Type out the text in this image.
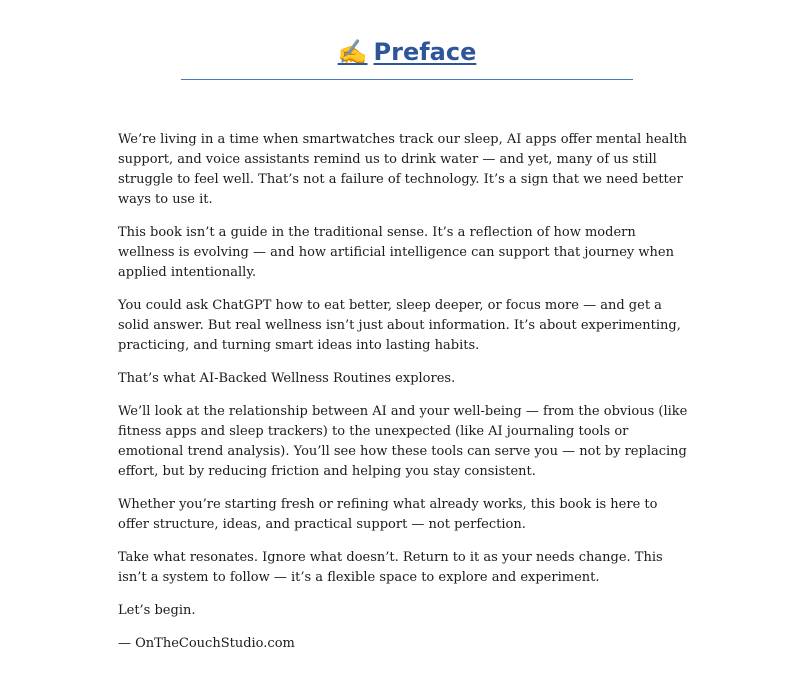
✍️ Preface

We’re living in a time when smartwatches track our sleep, AI apps offer mental health support, and voice assistants remind us to drink water — and yet, many of us still struggle to feel well. That’s not a failure of technology. It’s a sign that we need better ways to use it.

This book isn’t a guide in the traditional sense. It’s a reflection of how modern wellness is evolving — and how artificial intelligence can support that journey when applied intentionally.

You could ask ChatGPT how to eat better, sleep deeper, or focus more — and get a solid answer. But real wellness isn’t just about information. It’s about experimenting, practicing, and turning smart ideas into lasting habits.

That’s what AI-Backed Wellness Routines explores.

We’ll look at the relationship between AI and your well-being — from the obvious (like fitness apps and sleep trackers) to the unexpected (like AI journaling tools or emotional trend analysis). You’ll see how these tools can serve you — not by replacing effort, but by reducing friction and helping you stay consistent.

Whether you’re starting fresh or refining what already works, this book is here to offer structure, ideas, and practical support — not perfection.

Take what resonates. Ignore what doesn’t. Return to it as your needs change. This isn’t a system to follow — it’s a flexible space to explore and experiment.

Let’s begin.

— OnTheCouchStudio.com
